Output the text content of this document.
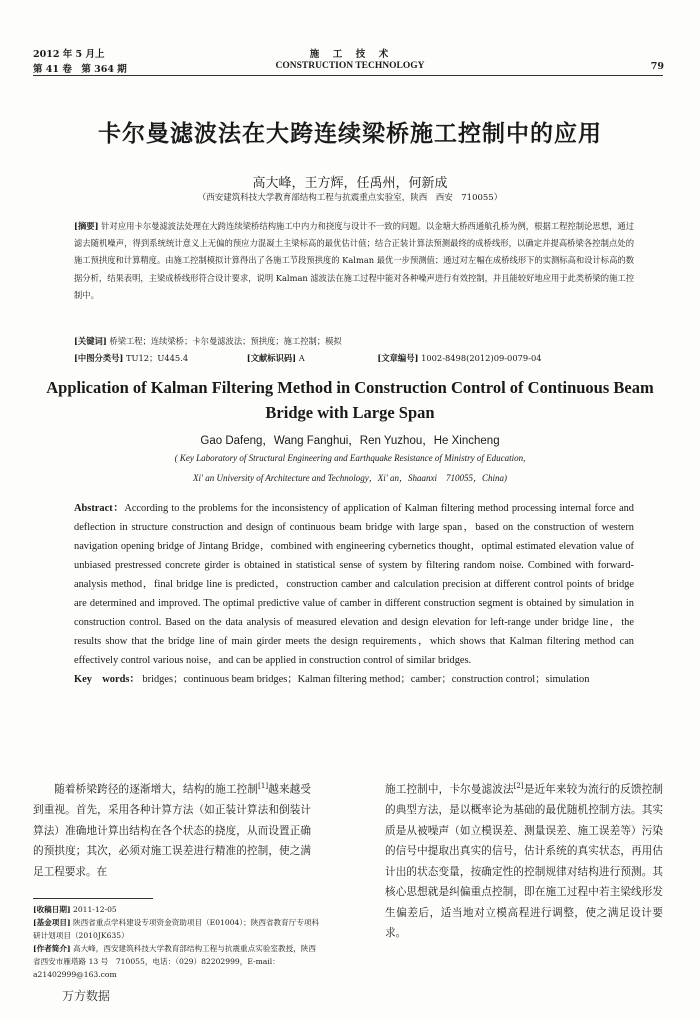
2012 年 5 月上
第 41 卷　第 364 期
施　工　技　术
CONSTRUCTION TECHNOLOGY	79
卡尔曼滤波法在大跨连续梁桥施工控制中的应用
高大峰，王方辉，任禹州，何新成
（西安建筑科技大学教育部结构工程与抗震重点实验室，陕西　西安　710055）
[摘要] 针对应用卡尔曼滤波法处理在大跨连续梁桥结构施工中内力和挠度与设计不一致的问题。以金塘大桥西通航孔桥为例，根据工程控制论思想，通过滤去随机噪声，得到系统统计意义上无偏的预应力混凝土主梁标高的最优估计值；结合正装计算法预测最终的成桥线形，以确定并提高桥梁各控制点处的施工预拱度和计算精度。由施工控制模拟计算得出了各施工节段预拱度的 Kalman 最优一步预测值；通过对左幅在成桥线形下的实测标高和设计标高的数据分析，结果表明，主梁成桥线形符合设计要求，说明 Kalman 滤波法在施工过程中能对各种噪声进行有效控制，并且能较好地应用于此类桥梁的施工控制中。
[关键词] 桥梁工程；连续梁桥；卡尔曼滤波法；预拱度；施工控制；模拟
[中图分类号] TU12；U445.4	[文献标识码] A	[文章编号] 1002-8498(2012)09-0079-04
Application of Kalman Filtering Method in Construction Control of Continuous Beam Bridge with Large Span
Gao Dafeng，Wang Fanghui，Ren Yuzhou，He Xincheng
( Key Laboratory of Structural Engineering and Earthquake Resistance of Ministry of Education,
Xi' an University of Architecture and Technology，Xi' an，Shaanxi　710055，China)
Abstract：According to the problems for the inconsistency of application of Kalman filtering method processing internal force and deflection in structure construction and design of continuous beam bridge with large span，based on the construction of western navigation opening bridge of Jintang Bridge，combined with engineering cybernetics thought，optimal estimated elevation value of unbiased prestressed concrete girder is obtained in statistical sense of system by filtering random noise. Combined with forward-analysis method，final bridge line is predicted，construction camber and calculation precision at different control points of bridge are determined and improved. The optimal predictive value of camber in different construction segment is obtained by simulation in construction control. Based on the data analysis of measured elevation and design elevation for left-range under bridge line，the results show that the bridge line of main girder meets the design requirements，which shows that Kalman filtering method can effectively control various noise，and can be applied in construction control of similar bridges.
Key　words： bridges；continuous beam bridges；Kalman filtering method；camber；construction control；simulation
随着桥梁跨径的逐渐增大，结构的施工控制[1]越来越受到重视。首先，采用各种计算方法（如正装计算法和倒装计算法）准确地计算出结构在各个状态的挠度，从而设置正确的预拱度；其次，必须对施工误差进行精准的控制，使之满足工程要求。在
施工控制中，卡尔曼滤波法[2]是近年来较为流行的反馈控制的典型方法，是以概率论为基础的最优随机控制方法。其实质是从被噪声（如立模误差、测量误差、施工误差等）污染的信号中提取出真实的信号，估计系统的真实状态，再用估计出的状态变量，按确定性的控制规律对结构进行预测。其核心思想就是纠偏重点控制，即在施工过程中若主梁线形发生偏差后，适当地对立模高程进行调整，使之满足设计要求。
[收稿日期] 2011-12-05
[基金项目] 陕西省重点学科建设专项资金资助项目（E01004）；陕西省教育厅专项科研计划项目（2010JK635）
[作者简介] 高大峰，西安建筑科技大学教育部结构工程与抗震重点实验室教授，陕西省西安市雁塔路 13 号　710055，电话：（029）82202999，E-mail：a21402999@163.com
万方数据
